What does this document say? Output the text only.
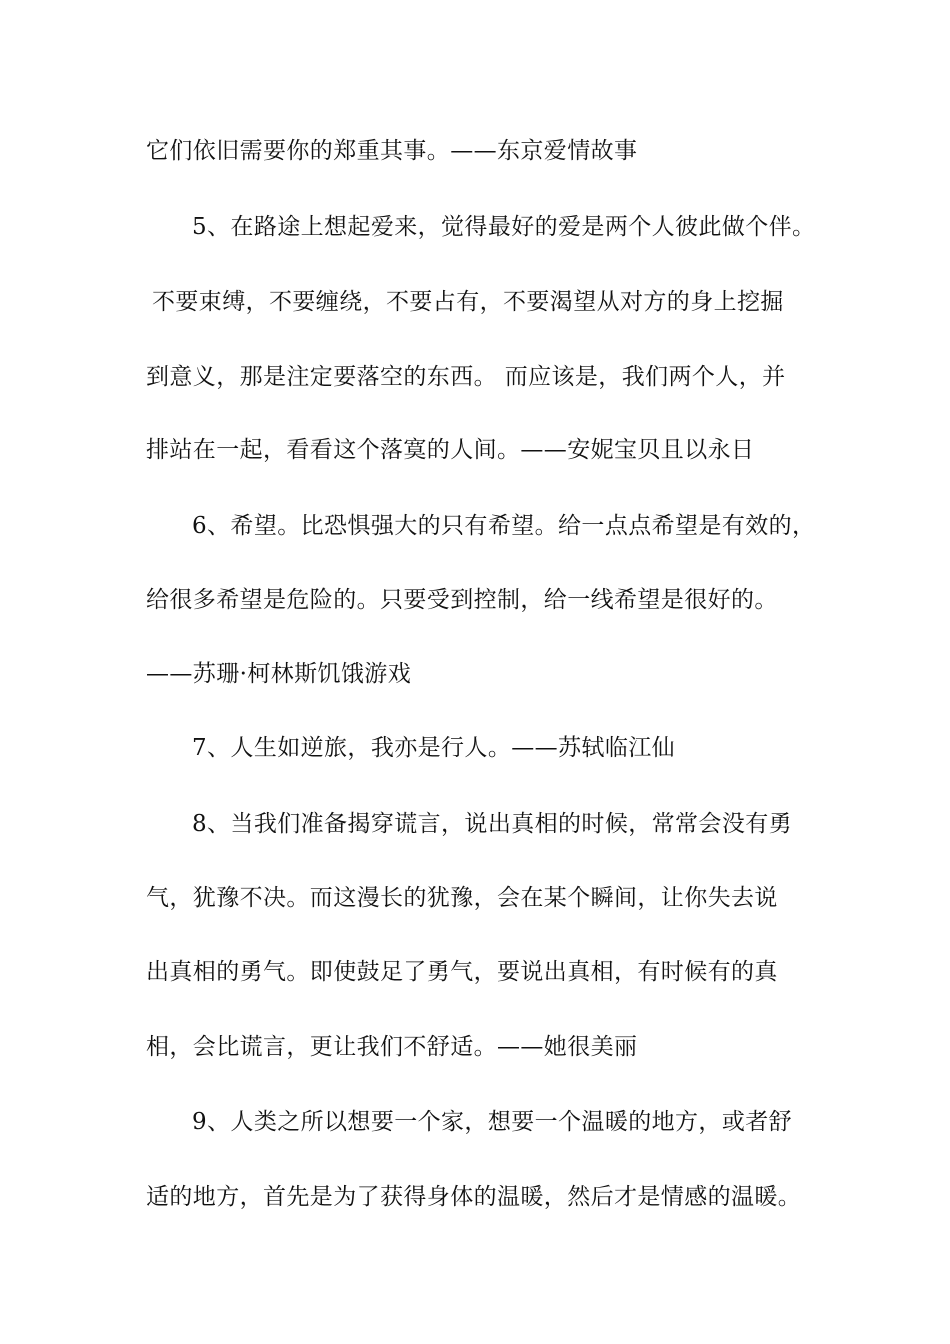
它们依旧需要你的郑重其事。——东京爱情故事
5、在路途上想起爱来，觉得最好的爱是两个人彼此做个伴。
不要束缚，不要缠绕，不要占有，不要渴望从对方的身上挖掘
到意义，那是注定要落空的东西。 而应该是，我们两个人，并
排站在一起，看看这个落寞的人间。——安妮宝贝且以永日
6、希望。比恐惧强大的只有希望。给一点点希望是有效的，
给很多希望是危险的。只要受到控制，给一线希望是很好的。
——苏珊·柯林斯饥饿游戏
7、人生如逆旅，我亦是行人。——苏轼临江仙
8、当我们准备揭穿谎言，说出真相的时候，常常会没有勇
气，犹豫不决。而这漫长的犹豫，会在某个瞬间，让你失去说
出真相的勇气。即使鼓足了勇气，要说出真相，有时候有的真
相，会比谎言，更让我们不舒适。——她很美丽
9、人类之所以想要一个家，想要一个温暖的地方，或者舒
适的地方，首先是为了获得身体的温暖，然后才是情感的温暖。
